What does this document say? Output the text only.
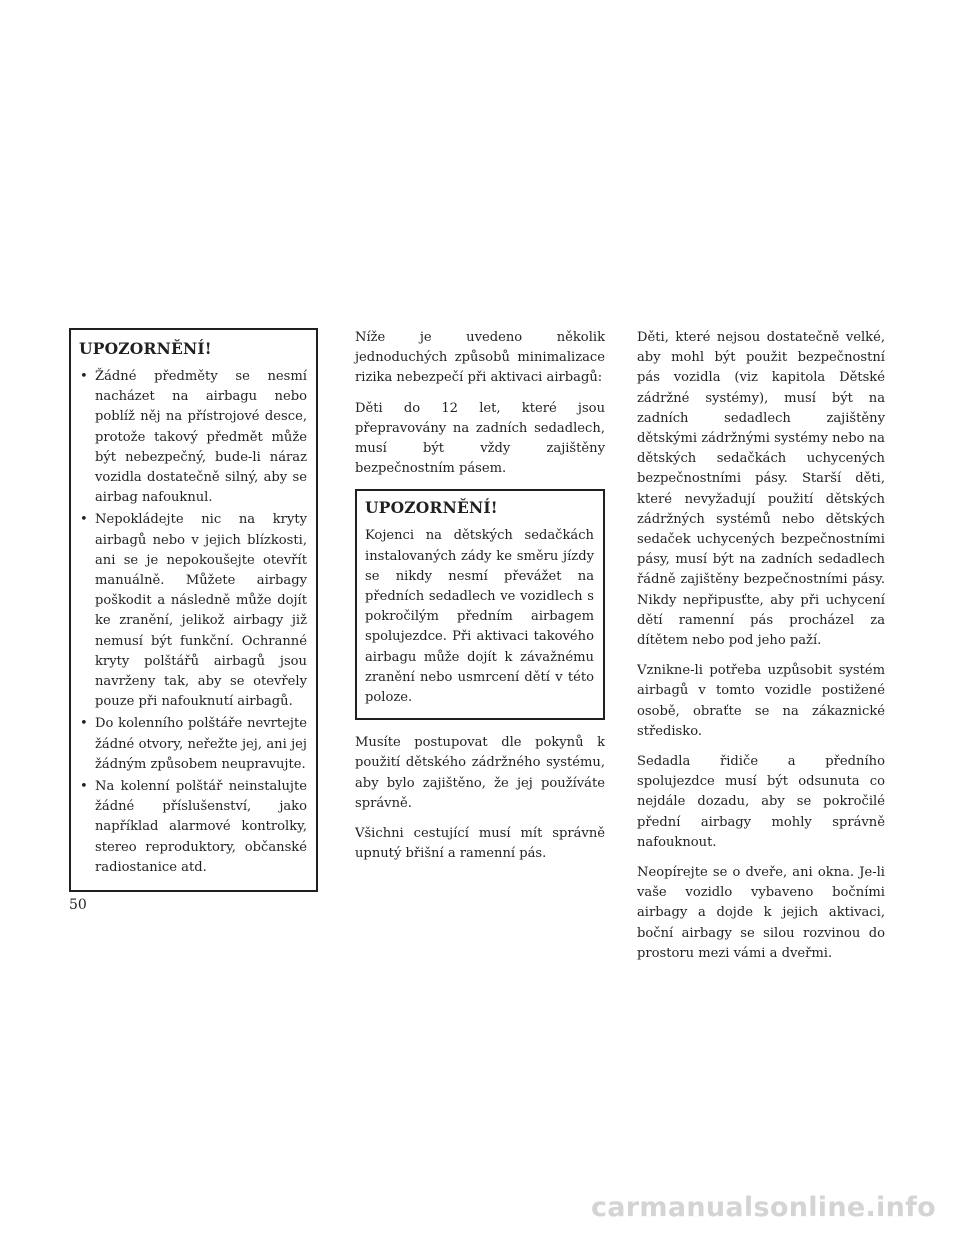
UPOZORNĚNÍ!
• Žádné předměty se nesmí nacházet na airbagu nebo poblíž něj na přístrojové desce, protože takový předmět může být nebezpečný, bude-li náraz vozidla dostatečně silný, aby se airbag nafouknul.
• Nepokládejte nic na kryty airbagů nebo v jejich blízkosti, ani se je nepokoušejte otevřít manuálně. Můžete airbagy poškodit a následně může dojít ke zranění, jelikož airbagy již nemusí být funkční. Ochranné kryty polštářů airbagů jsou navrženy tak, aby se otevřely pouze při nafouknutí airbagů.
• Do kolenního polštáře nevrtejte žádné otvory, neřežte jej, ani jej žádným způsobem neupravujte.
• Na kolenní polštář neinstalujte žádné příslušenství, jako například alarmové kontrolky, stereo reproduktory, občanské radiostanice atd.

Níže je uvedeno několik jednoduchých způsobů minimalizace rizika nebezpečí při aktivaci airbagů:

Děti do 12 let, které jsou přepravovány na zadních sedadlech, musí být vždy zajištěny bezpečnostním pásem.

UPOZORNĚNÍ!

Kojenci na dětských sedačkách instalovaných zády ke směru jízdy se nikdy nesmí převážet na předních sedadlech ve vozidlech s pokročilým předním airbagem spolujezdce. Při aktivaci takového airbagu může dojít k závažnému zranění nebo usmrcení dětí v této poloze.

Musíte postupovat dle pokynů k použití dětského zádržného systému, aby bylo zajištěno, že jej používáte správně.

Všichni cestující musí mít správně upnutý břišní a ramenní pás.

Děti, které nejsou dostatečně velké, aby mohl být použit bezpečnostní pás vozidla (viz kapitola Dětské zádržné systémy), musí být na zadních sedadlech zajištěny dětskými zádržnými systémy nebo na dětských sedačkách uchycených bezpečnostními pásy. Starší děti, které nevyžadují použití dětských zádržných systémů nebo dětských sedaček uchycených bezpečnostními pásy, musí být na zadních sedadlech řádně zajištěny bezpečnostními pásy. Nikdy nepřipusťte, aby při uchycení dětí ramenní pás procházel za dítětem nebo pod jeho paží.

Vznikne-li potřeba uzpůsobit systém airbagů v tomto vozidle postižené osobě, obraťte se na zákaznické středisko.

Sedadla řidiče a předního spolujezdce musí být odsunuta co nejdále dozadu, aby se pokročilé přední airbagy mohly správně nafouknout.

Neopírejte se o dveře, ani okna. Je-li vaše vozidlo vybaveno bočními airbagy a dojde k jejich aktivaci, boční airbagy se silou rozvinou do prostoru mezi vámi a dveřmi.

50
carmanualsonline.info
